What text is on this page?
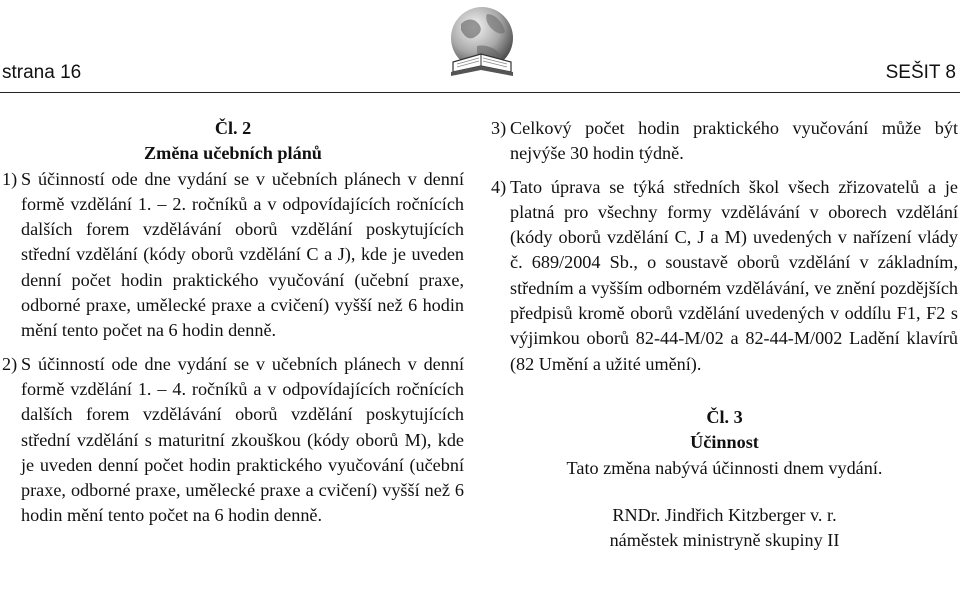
strana 16	SEŠIT 8

Čl. 2

Změna učebních plánů

1) S účinností ode dne vydání se v učebních plánech v denní formě vzdělání 1. – 2. ročníků a v odpovídajících ročnících dalších forem vzdělávání oborů vzdělání poskytujících střední vzdělání (kódy oborů vzdělání C a J), kde je uveden denní počet hodin praktického vyučování (učební praxe, odborné praxe, umělecké praxe a cvičení) vyšší než 6 hodin mění tento počet na 6 hodin denně.
2) S účinností ode dne vydání se v učebních plánech v denní formě vzdělání 1. – 4. ročníků a v odpovídajících ročnících dalších forem vzdělávání oborů vzdělání poskytujících střední vzdělání s maturitní zkouškou (kódy oborů M), kde je uveden denní počet hodin praktického vyučování (učební praxe, odborné praxe, umělecké praxe a cvičení) vyšší než 6 hodin mění tento počet na 6 hodin denně.
3) Celkový počet hodin praktického vyučování může být nejvýše 30 hodin týdně.
4) Tato úprava se týká středních škol všech zřizovatelů a je platná pro všechny formy vzdělávání v oborech vzdělání (kódy oborů vzdělání C, J a M) uvedených v nařízení vlády č. 689/2004 Sb., o soustavě oborů vzdělání v základním, středním a vyšším odborném vzdělávání, ve znění pozdějších předpisů kromě oborů vzdělání uvedených v oddílu F1, F2 s výjimkou oborů 82-44-M/02 a 82-44-M/002 Ladění klavírů (82 Umění a užité umění).

Čl. 3

Účinnost

Tato změna nabývá účinnosti dnem vydání.

RNDr. Jindřich Kitzberger v. r.

náměstek ministryně skupiny II
